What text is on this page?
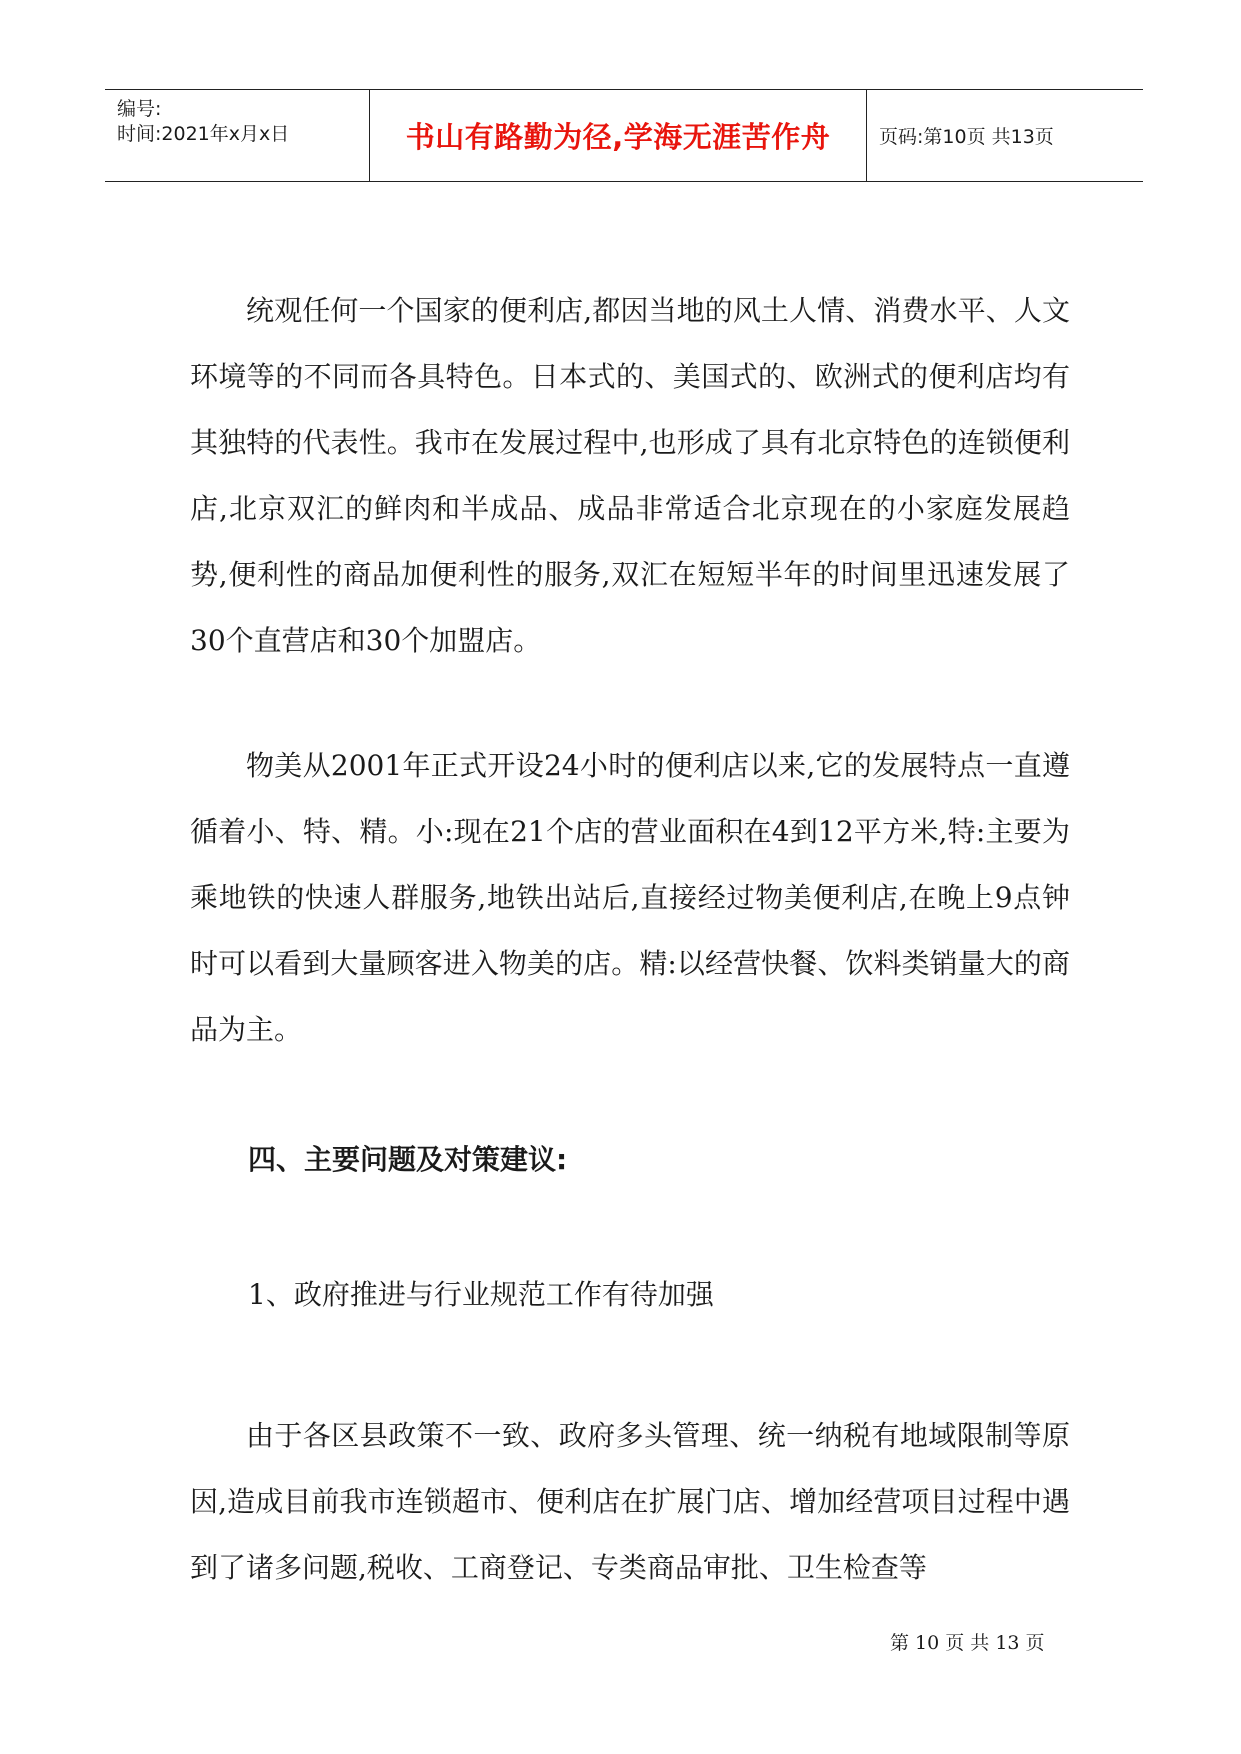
编号:
时间:2021年x月x日	书山有路勤为径,学海无涯苦作舟	页码:第10页 共13页

统观任何一个国家的便利店,都因当地的风土人情、消费水平、人文环境等的不同而各具特色。日本式的、美国式的、欧洲式的便利店均有其独特的代表性。我市在发展过程中,也形成了具有北京特色的连锁便利店,北京双汇的鲜肉和半成品、成品非常适合北京现在的小家庭发展趋势,便利性的商品加便利性的服务,双汇在短短半年的时间里迅速发展了30个直营店和30个加盟店。

物美从2001年正式开设24小时的便利店以来,它的发展特点一直遵循着小、特、精。小:现在21个店的营业面积在4到12平方米,特:主要为乘地铁的快速人群服务,地铁出站后,直接经过物美便利店,在晚上9点钟时可以看到大量顾客进入物美的店。精:以经营快餐、饮料类销量大的商品为主。

四、主要问题及对策建议:

1、政府推进与行业规范工作有待加强

由于各区县政策不一致、政府多头管理、统一纳税有地域限制等原因,造成目前我市连锁超市、便利店在扩展门店、增加经营项目过程中遇到了诸多问题,税收、工商登记、专类商品审批、卫生检查等

第 10 页 共 13 页
